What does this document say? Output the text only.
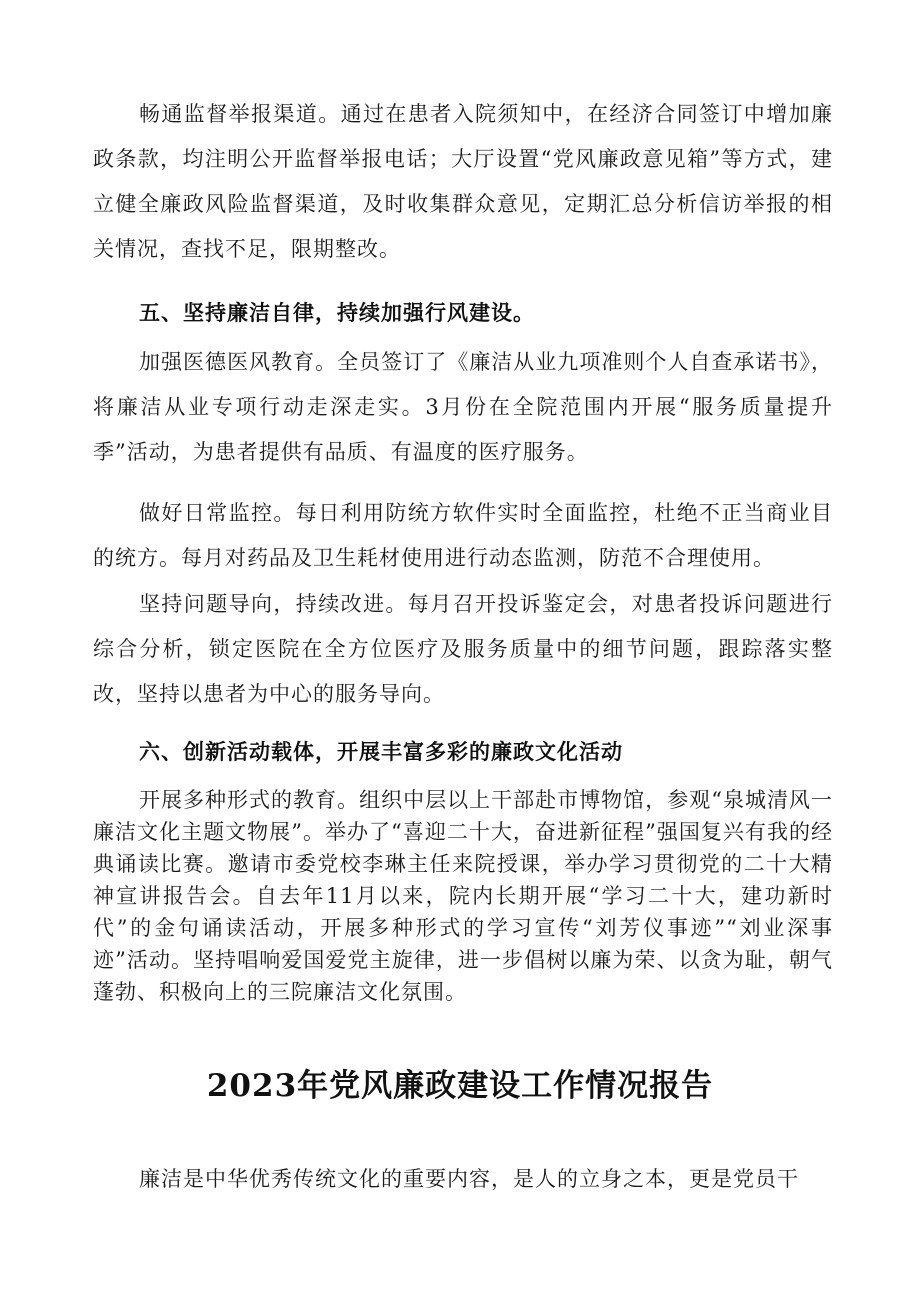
畅通监督举报渠道。通过在患者入院须知中，在经济合同签订中增加廉政条款，均注明公开监督举报电话；大厅设置“党风廉政意见箱”等方式，建立健全廉政风险监督渠道，及时收集群众意见，定期汇总分析信访举报的相关情况，查找不足，限期整改。

五、坚持廉洁自律，持续加强行风建设。

加强医德医风教育。全员签订了《廉洁从业九项准则个人自查承诺书》，将廉洁从业专项行动走深走实。3月份在全院范围内开展“服务质量提升季”活动，为患者提供有品质、有温度的医疗服务。

做好日常监控。每日利用防统方软件实时全面监控，杜绝不正当商业目的统方。每月对药品及卫生耗材使用进行动态监测，防范不合理使用。

坚持问题导向，持续改进。每月召开投诉鉴定会，对患者投诉问题进行综合分析，锁定医院在全方位医疗及服务质量中的细节问题，跟踪落实整改，坚持以患者为中心的服务导向。

六、创新活动载体，开展丰富多彩的廉政文化活动

开展多种形式的教育。组织中层以上干部赴市博物馆，参观“泉城清风一廉洁文化主题文物展”。举办了“喜迎二十大，奋进新征程”强国复兴有我的经典诵读比赛。邀请市委党校李琳主任来院授课，举办学习贯彻党的二十大精神宣讲报告会。自去年11月以来，院内长期开展“学习二十大，建功新时代”的金句诵读活动，开展多种形式的学习宣传“刘芳仪事迹”“刘业深事迹”活动。坚持唱响爱国爱党主旋律，进一步倡树以廉为荣、以贪为耻，朝气蓬勃、积极向上的三院廉洁文化氛围。

2023年党风廉政建设工作情况报告

廉洁是中华优秀传统文化的重要内容，是人的立身之本，更是党员干
